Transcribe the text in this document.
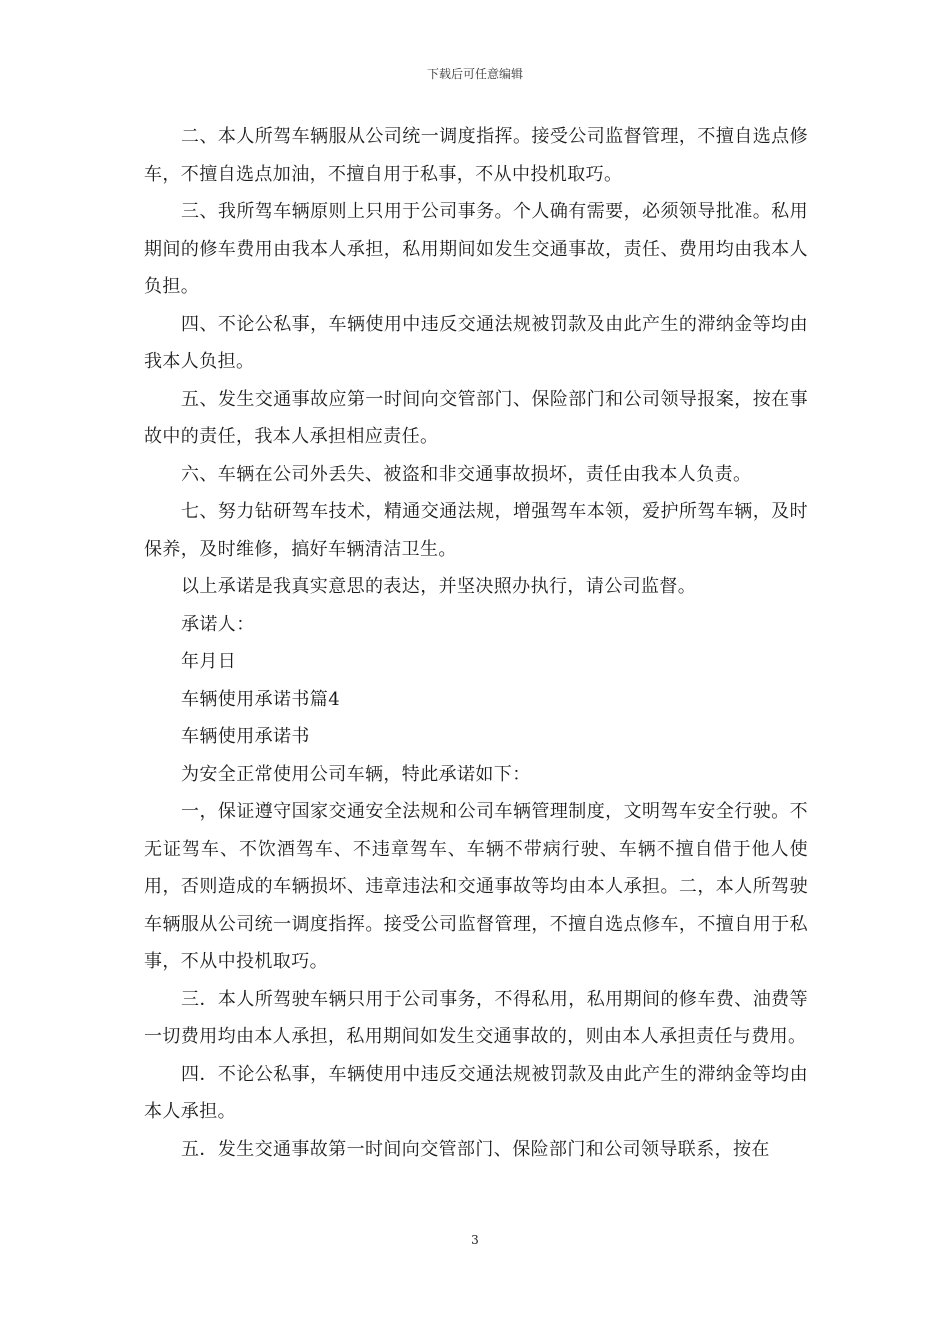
下载后可任意编辑

二、本人所驾车辆服从公司统一调度指挥。接受公司监督管理，不擅自选点修车，不擅自选点加油，不擅自用于私事，不从中投机取巧。

三、我所驾车辆原则上只用于公司事务。个人确有需要，必须领导批准。私用期间的修车费用由我本人承担，私用期间如发生交通事故，责任、费用均由我本人负担。

四、不论公私事，车辆使用中违反交通法规被罚款及由此产生的滞纳金等均由我本人负担。

五、发生交通事故应第一时间向交管部门、保险部门和公司领导报案，按在事故中的责任，我本人承担相应责任。

六、车辆在公司外丢失、被盗和非交通事故损坏，责任由我本人负责。

七、努力钻研驾车技术，精通交通法规，增强驾车本领，爱护所驾车辆，及时保养，及时维修，搞好车辆清洁卫生。

以上承诺是我真实意思的表达，并坚决照办执行，请公司监督。

承诺人：

年月日

车辆使用承诺书篇4

车辆使用承诺书

为安全正常使用公司车辆，特此承诺如下：

一，保证遵守国家交通安全法规和公司车辆管理制度，文明驾车安全行驶。不无证驾车、不饮酒驾车、不违章驾车、车辆不带病行驶、车辆不擅自借于他人使用，否则造成的车辆损坏、违章违法和交通事故等均由本人承担。二，本人所驾驶车辆服从公司统一调度指挥。接受公司监督管理，不擅自选点修车，不擅自用于私事，不从中投机取巧。

三．本人所驾驶车辆只用于公司事务，不得私用，私用期间的修车费、油费等一切费用均由本人承担，私用期间如发生交通事故的，则由本人承担责任与费用。

四．不论公私事，车辆使用中违反交通法规被罚款及由此产生的滞纳金等均由本人承担。

五．发生交通事故第一时间向交管部门、保险部门和公司领导联系，按在

3
